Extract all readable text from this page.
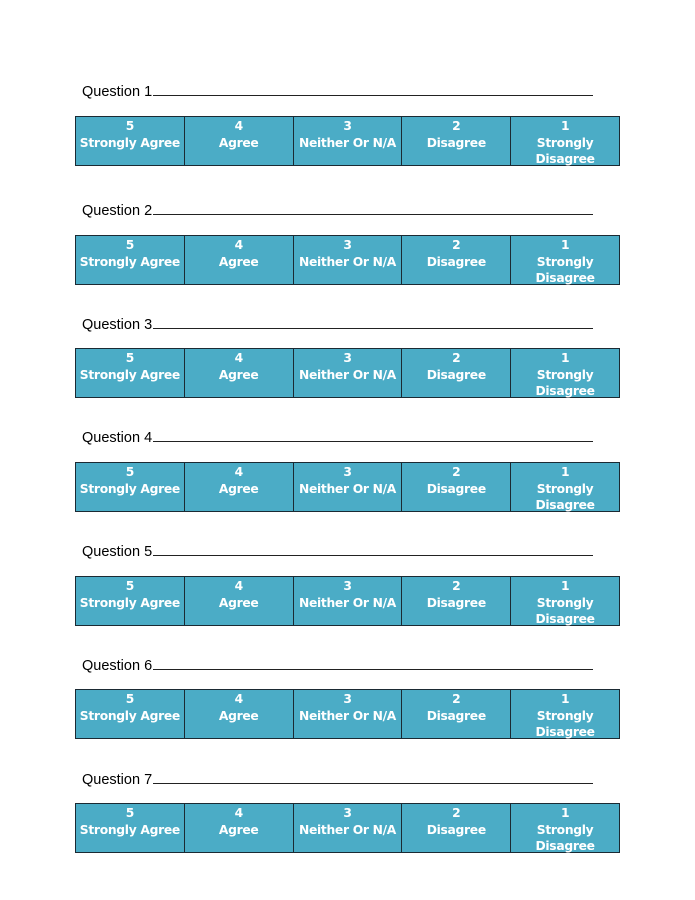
Question 1
5
Strongly Agree
4
Agree
3
Neither Or N/A
2
Disagree
1
Strongly Disagree
Question 2
5
Strongly Agree
4
Agree
3
Neither Or N/A
2
Disagree
1
Strongly Disagree
Question 3
5
Strongly Agree
4
Agree
3
Neither Or N/A
2
Disagree
1
Strongly Disagree
Question 4
5
Strongly Agree
4
Agree
3
Neither Or N/A
2
Disagree
1
Strongly Disagree
Question 5
5
Strongly Agree
4
Agree
3
Neither Or N/A
2
Disagree
1
Strongly Disagree
Question 6
5
Strongly Agree
4
Agree
3
Neither Or N/A
2
Disagree
1
Strongly Disagree
Question 7
5
Strongly Agree
4
Agree
3
Neither Or N/A
2
Disagree
1
Strongly Disagree
